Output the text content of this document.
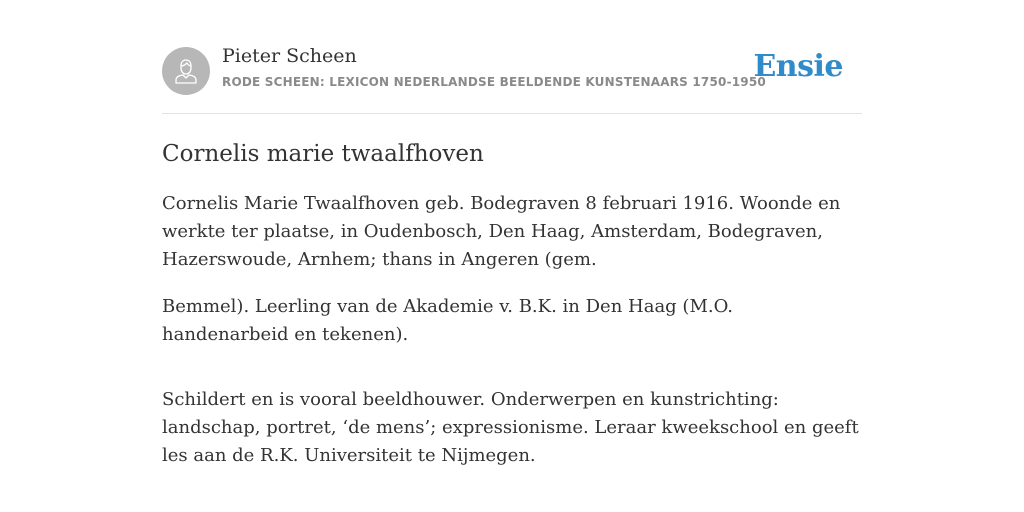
Pieter Scheen
RODE SCHEEN: LEXICON NEDERLANDSE BEELDENDE KUNSTENAARS 1750-1950
Ensie
Cornelis marie twaalfhoven

Cornelis Marie Twaalfhoven geb. Bodegraven 8 februari 1916. Woonde en werkte ter plaatse, in Oudenbosch, Den Haag, Amsterdam, Bodegraven, Hazerswoude, Arnhem; thans in Angeren (gem.

Bemmel). Leerling van de Akademie v. B.K. in Den Haag (M.O. handenarbeid en tekenen).

Schildert en is vooral beeldhouwer. Onderwerpen en kunstrichting: landschap, portret, ‘de mens’; expressionisme. Leraar kweekschool en geeft les aan de R.K. Universiteit te Nijmegen.
